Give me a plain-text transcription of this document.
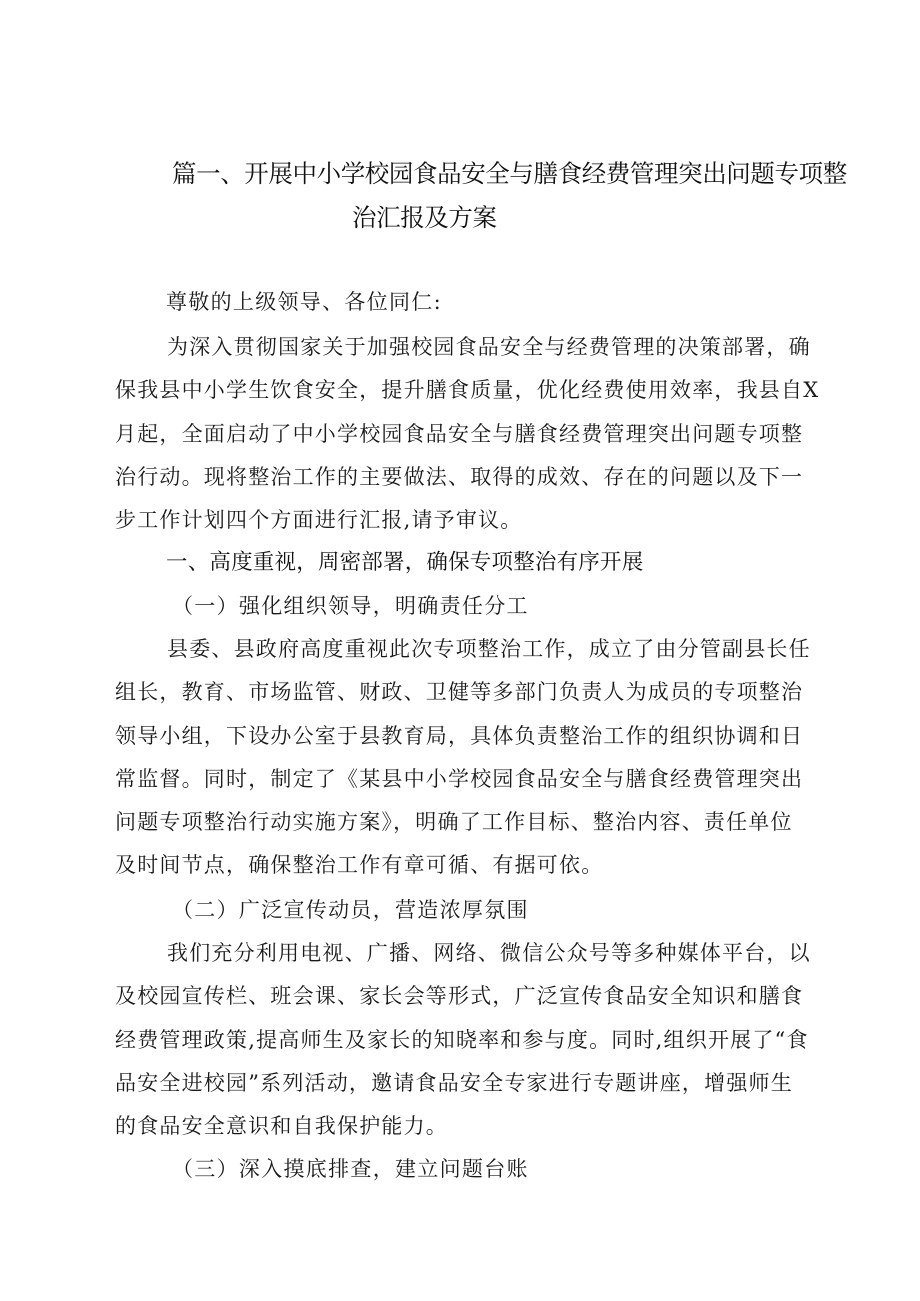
篇一、开展中小学校园食品安全与膳食经费管理突出问题专项整
治汇报及方案
尊敬的上级领导、各位同仁:
为深入贯彻国家关于加强校园食品安全与经费管理的决策部署，确
保我县中小学生饮食安全，提升膳食质量，优化经费使用效率，我县自X
月起，全面启动了中小学校园食品安全与膳食经费管理突出问题专项整
治行动。现将整治工作的主要做法、取得的成效、存在的问题以及下一
步工作计划四个方面进行汇报,请予审议。
一、高度重视，周密部署，确保专项整治有序开展
（一）强化组织领导，明确责任分工
县委、县政府高度重视此次专项整治工作，成立了由分管副县长任
组长，教育、市场监管、财政、卫健等多部门负责人为成员的专项整治
领导小组，下设办公室于县教育局，具体负责整治工作的组织协调和日
常监督。同时，制定了《某县中小学校园食品安全与膳食经费管理突出
问题专项整治行动实施方案》，明确了工作目标、整治内容、责任单位
及时间节点，确保整治工作有章可循、有据可依。
（二）广泛宣传动员，营造浓厚氛围
我们充分利用电视、广播、网络、微信公众号等多种媒体平台，以
及校园宣传栏、班会课、家长会等形式，广泛宣传食品安全知识和膳食
经费管理政策,提高师生及家长的知晓率和参与度。同时,组织开展了“食
品安全进校园”系列活动，邀请食品安全专家进行专题讲座，增强师生
的食品安全意识和自我保护能力。
（三）深入摸底排查，建立问题台账
